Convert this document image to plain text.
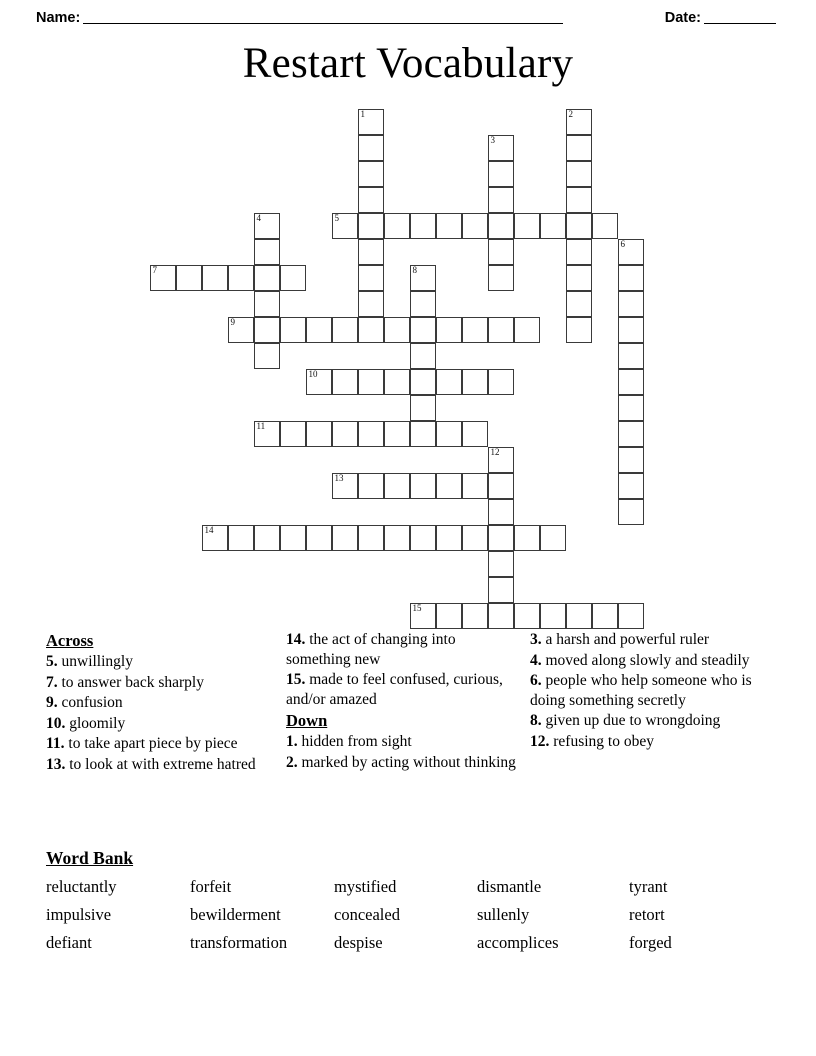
Name:	Date:
Restart Vocabulary
1	2
3
4	5
6
7	8
9
10
11
12
13
14
15
Across
5. unwillingly
7. to answer back sharply
9. confusion
10. gloomily
11. to take apart piece by piece
13. to look at with extreme hatred
14. the act of changing into something new
15. made to feel confused, curious, and/or amazed
Down
1. hidden from sight
2. marked by acting without thinking
3. a harsh and powerful ruler
4. moved along slowly and steadily
6. people who help someone who is doing something secretly
8. given up due to wrongdoing
12. refusing to obey
Word Bank
reluctantly	forfeit	mystified	dismantle	tyrant
impulsive	bewilderment	concealed	sullenly	retort
defiant	transformation	despise	accomplices	forged
